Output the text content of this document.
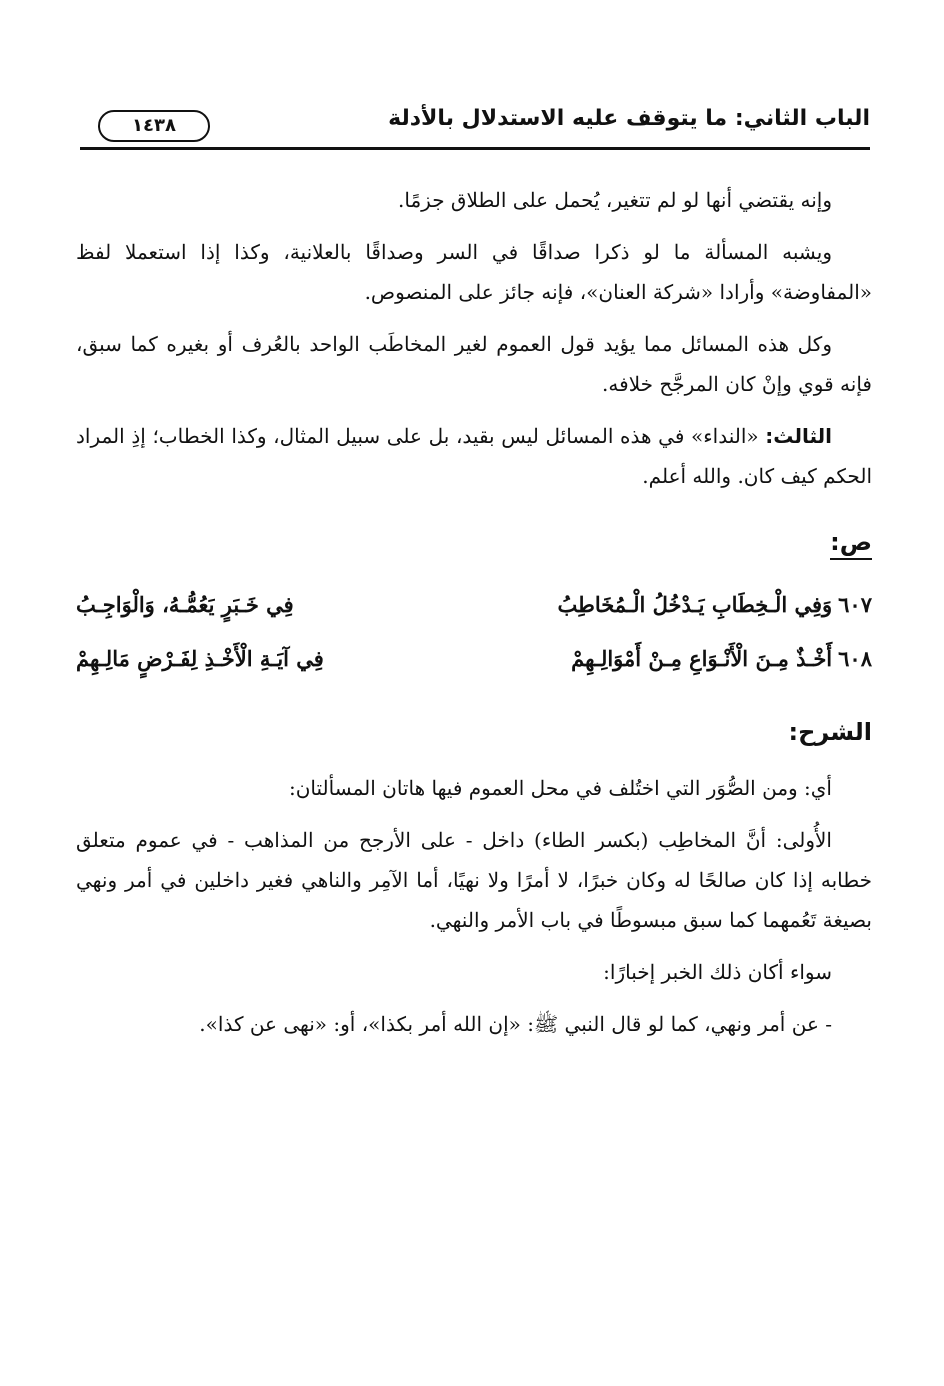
الباب الثاني: ما يتوقف عليه الاستدلال بالأدلة
١٤٣٨

وإنه يقتضي أنها لو لم تتغير، يُحمل على الطلاق جزمًا.

ويشبه المسألة ما لو ذكرا صداقًا في السر وصداقًا بالعلانية، وكذا إذا استعملا لفظ «المفاوضة» وأرادا «شركة العنان»، فإنه جائز على المنصوص.

وكل هذه المسائل مما يؤيد قول العموم لغير المخاطَب الواحد بالعُرف أو بغيره كما سبق، فإنه قوي وإنْ كان المرجَّح خلافه.

الثالث: «النداء» في هذه المسائل ليس بقيد، بل على سبيل المثال، وكذا الخطاب؛ إذِ المراد الحكم كيف كان. والله أعلم.

ص:
٦٠٧وَفِي الْـخِطَابِ يَـدْخُلُ الْـمُخَاطِبُ
فِي خَـبَرٍ يَعُمُّـهُ، وَالْوَاجِـبُ
٦٠٨أَخْـذٌ مِـنَ الْأَنْـوَاعِ مِـنْ أَمْوَالِـهِمْ
فِي آيَـةِ الْأَخْـذِ لِفَـرْضٍ مَالِـهِمْ
الشرح:

أي: ومن الصُّوَر التي اختُلف في محل العموم فيها هاتان المسألتان:

الأُولى: أنَّ المخاطِب (بكسر الطاء) داخل - على الأرجح من المذاهب - في عموم متعلق خطابه إذا كان صالحًا له وكان خبرًا، لا أمرًا ولا نهيًا، أما الآمِر والناهي فغير داخلين في أمر ونهي بصيغة تَعُمهما كما سبق مبسوطًا في باب الأمر والنهي.

سواء أكان ذلك الخبر إخبارًا:

- عن أمر ونهي، كما لو قال النبي ﷺ: «إن الله أمر بكذا»، أو: «نهى عن كذا».
